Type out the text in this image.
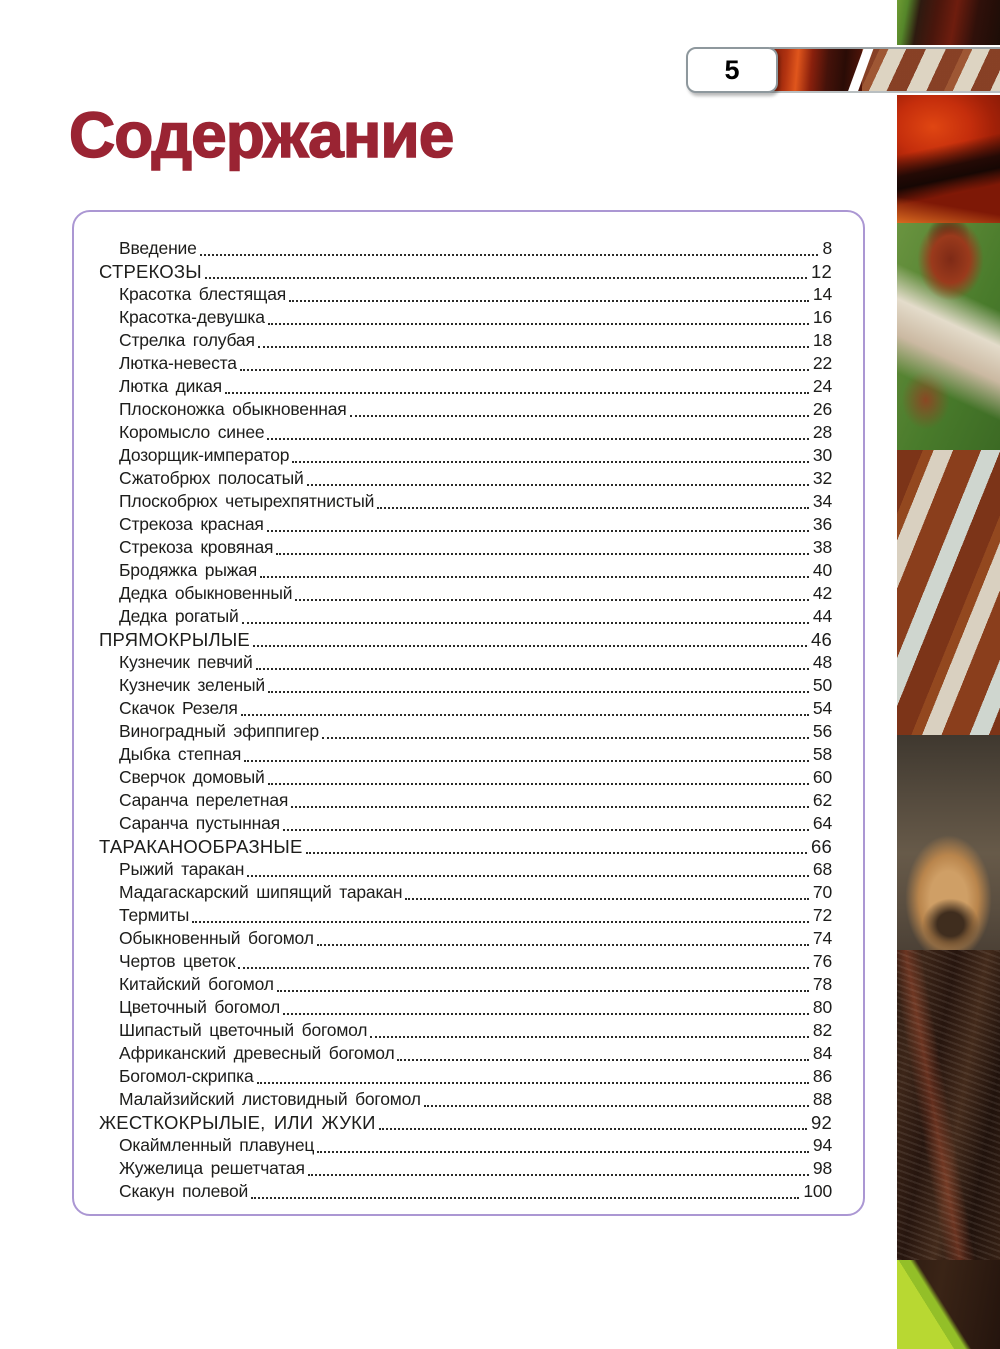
5
Содержание
Введение	8
СТРЕКОЗЫ	12
Красотка блестящая	14
Красотка-девушка	16
Стрелка голубая	18
Лютка-невеста	22
Лютка дикая	24
Плосконожка обыкновенная	26
Коромысло синее	28
Дозорщик-император	30
Сжатобрюх полосатый	32
Плоскобрюх четырехпятнистый	34
Стрекоза красная	36
Стрекоза кровяная	38
Бродяжка рыжая	40
Дедка обыкновенный	42
Дедка рогатый	44
ПРЯМОКРЫЛЫЕ	46
Кузнечик певчий	48
Кузнечик зеленый	50
Скачок Резеля	54
Виноградный эфиппигер	56
Дыбка степная	58
Сверчок домовый	60
Саранча перелетная	62
Саранча пустынная	64
ТАРАКАНООБРАЗНЫЕ	66
Рыжий таракан	68
Мадагаскарский шипящий таракан	70
Термиты	72
Обыкновенный богомол	74
Чертов цветок	76
Китайский богомол	78
Цветочный богомол	80
Шипастый цветочный богомол	82
Африканский древесный богомол	84
Богомол-скрипка	86
Малайзийский листовидный богомол	88
ЖЕСТКОКРЫЛЫЕ, ИЛИ ЖУКИ	92
Окаймленный плавунец	94
Жужелица решетчатая	98
Скакун полевой	100
